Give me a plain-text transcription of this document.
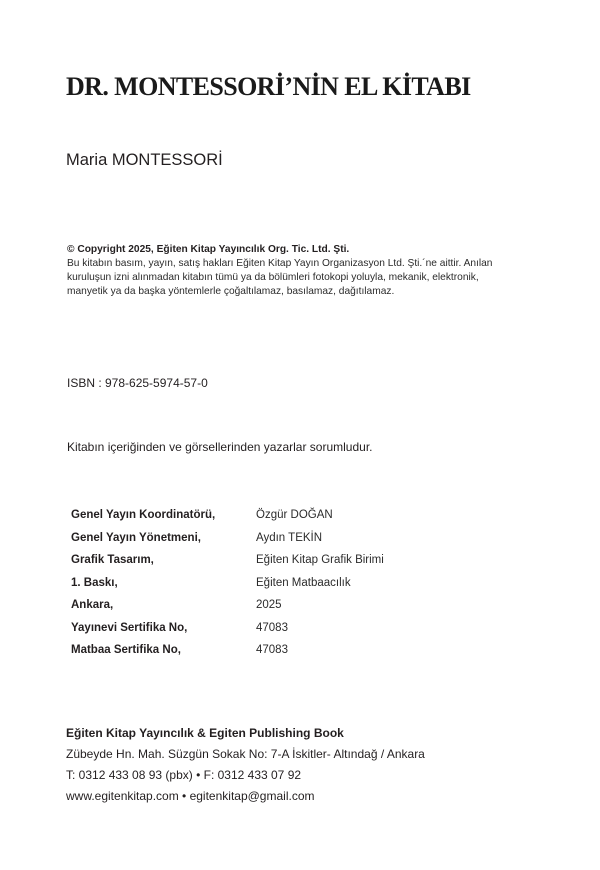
DR. MONTESSORİ’NİN EL KİTABI
Maria MONTESSORİ
© Copyright 2025, Eğiten Kitap Yayıncılık Org. Tic. Ltd. Şti.
Bu kitabın basım, yayın, satış hakları Eğiten Kitap Yayın Organizasyon Ltd. Şti.´ne aittir. Anılan kuruluşun izni alınmadan kitabın tümü ya da bölümleri fotokopi yoluyla, mekanik, elektronik, manyetik ya da başka yöntemlerle çoğaltılamaz, basılamaz, dağıtılamaz.
ISBN : 978-625-5974-57-0
Kitabın içeriğinden ve görsellerinden yazarlar sorumludur.
Genel Yayın Koordinatörü,	Özgür DOĞAN
Genel Yayın Yönetmeni,	Aydın TEKİN
Grafik Tasarım,	Eğiten Kitap Grafik Birimi
1. Baskı,	Eğiten Matbaacılık
Ankara,	2025
Yayınevi Sertifika No,	47083
Matbaa Sertifika No,	47083
Eğiten Kitap Yayıncılık & Egiten Publishing Book
Zübeyde Hn. Mah. Süzgün Sokak No: 7-A İskitler- Altındağ / Ankara
T: 0312 433 08 93 (pbx) • F: 0312 433 07 92
www.egitenkitap.com • egitenkitap@gmail.com
